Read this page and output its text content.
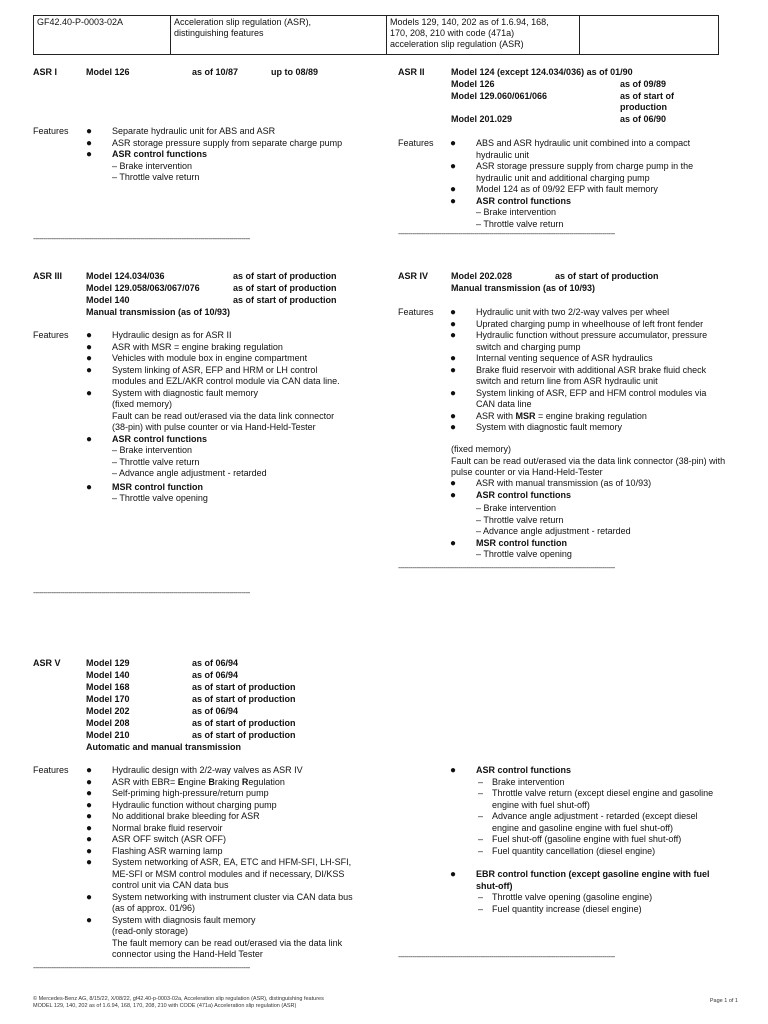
GF42.40-P-0003-02A	Acceleration slip regulation (ASR),
distinguishing features

Models 129, 140, 202 as of 1.6.94, 168,
170, 208, 210 with code (471a)
acceleration slip regulation (ASR)

ASR I	Model 126	as of 10/87	up to 08/89
Features ● Separate hydraulic unit for ABS and ASR
● ASR storage pressure supply from separate charge pump
● ASR control functions
– Brake intervention
– Throttle valve return
---------------------------------------------------------------------------------------------------------
ASR II	Model 124 (except 124.034/036) as of 01/90
Model 126	as of 09/89
Model 129.060/061/066	as of start of
production
Model 201.029	as of 06/90
Features ● ABS and ASR hydraulic unit combined into a compact hydraulic unit
● ASR storage pressure supply from charge pump in the hydraulic unit and additional charging pump
● Model 124 as of 09/92 EFP with fault memory
● ASR control functions
– Brake intervention
– Throttle valve return
---------------------------------------------------------------------------------------------------------
ASR III	Model 124.034/036	as of start of production
Model 129.058/063/067/076	as of start of production
Model 140	as of start of production
Manual transmission (as of 10/93)
Features ● Hydraulic design as for ASR II
● ASR with MSR = engine braking regulation
● Vehicles with module box in engine compartment
● System linking of ASR, EFP and HRM or LH control modules and EZL/AKR control module via CAN data line.
● System with diagnostic fault memory
(fixed memory)
Fault can be read out/erased via the data link connector (38-pin) with pulse counter or via Hand-Held-Tester
● ASR control functions
– Brake intervention
– Throttle valve return
– Advance angle adjustment - retarded
● MSR control function
– Throttle valve opening
---------------------------------------------------------------------------------------------------------
ASR IV	Model 202.028	as of start of production
Manual transmission (as of 10/93)
Features ● Hydraulic unit with two 2/2-way valves per wheel
● Uprated charging pump in wheelhouse of left front fender
● Hydraulic function without pressure accumulator, pressure switch and charging pump
● Internal venting sequence of ASR hydraulics
● Brake fluid reservoir with additional ASR brake fluid check switch and return line from ASR hydraulic unit
● System linking of ASR, EFP and HFM control modules via CAN data line
● ASR with MSR = engine braking regulation
● System with diagnostic fault memory
(fixed memory)
Fault can be read out/erased via the data link connector (38-pin) with pulse counter or via Hand-Held-Tester
● ASR with manual transmission (as of 10/93)
● ASR control functions
– Brake intervention
– Throttle valve return
– Advance angle adjustment - retarded
● MSR control function
– Throttle valve opening
---------------------------------------------------------------------------------------------------------
ASR V	Model 129	as of 06/94
Model 140	as of 06/94
Model 168	as of start of production
Model 170	as of start of production
Model 202	as of 06/94
Model 208	as of start of production
Model 210	as of start of production
Automatic and manual transmission
Features ● Hydraulic design with 2/2-way valves as ASR IV
● ASR with EBR= Engine Braking Regulation
● Self-priming high-pressure/return pump
● Hydraulic function without charging pump
● No additional brake bleeding for ASR
● Normal brake fluid reservoir
● ASR OFF switch (ASR OFF)
● Flashing ASR warning lamp
● System networking of ASR, EA, ETC and HFM-SFI, LH-SFI, ME-SFI or MSM control modules and if necessary, DI/KSS control unit via CAN data bus
● System networking with instrument cluster via CAN data bus (as of approx. 01/96)
● System with diagnosis fault memory
(read-only storage)
The fault memory can be read out/erased via the data link connector using the Hand-Held Tester
---------------------------------------------------------------------------------------------------------
● ASR control functions
– Brake intervention
– Throttle valve return (except diesel engine and gasoline engine with fuel shut-off)
– Advance angle adjustment - retarded (except diesel engine and gasoline engine with fuel shut-off)
– Fuel shut-off (gasoline engine with fuel shut-off)
– Fuel quantity cancellation (diesel engine)
● EBR control function (except gasoline engine with fuel shut-off)
– Throttle valve opening (gasoline engine)
– Fuel quantity increase (diesel engine)
---------------------------------------------------------------------------------------------------------
© Mercedes-Benz AG, 8/15/22, X/08/22, gf42.40-p-0003-02a, Acceleration slip regulation (ASR), distinguishing features
MODEL 129, 140, 202 as of 1.6.94, 168, 170, 208, 210 with CODE (471a) Acceleration slip regulation (ASR)
Page 1 of 1
